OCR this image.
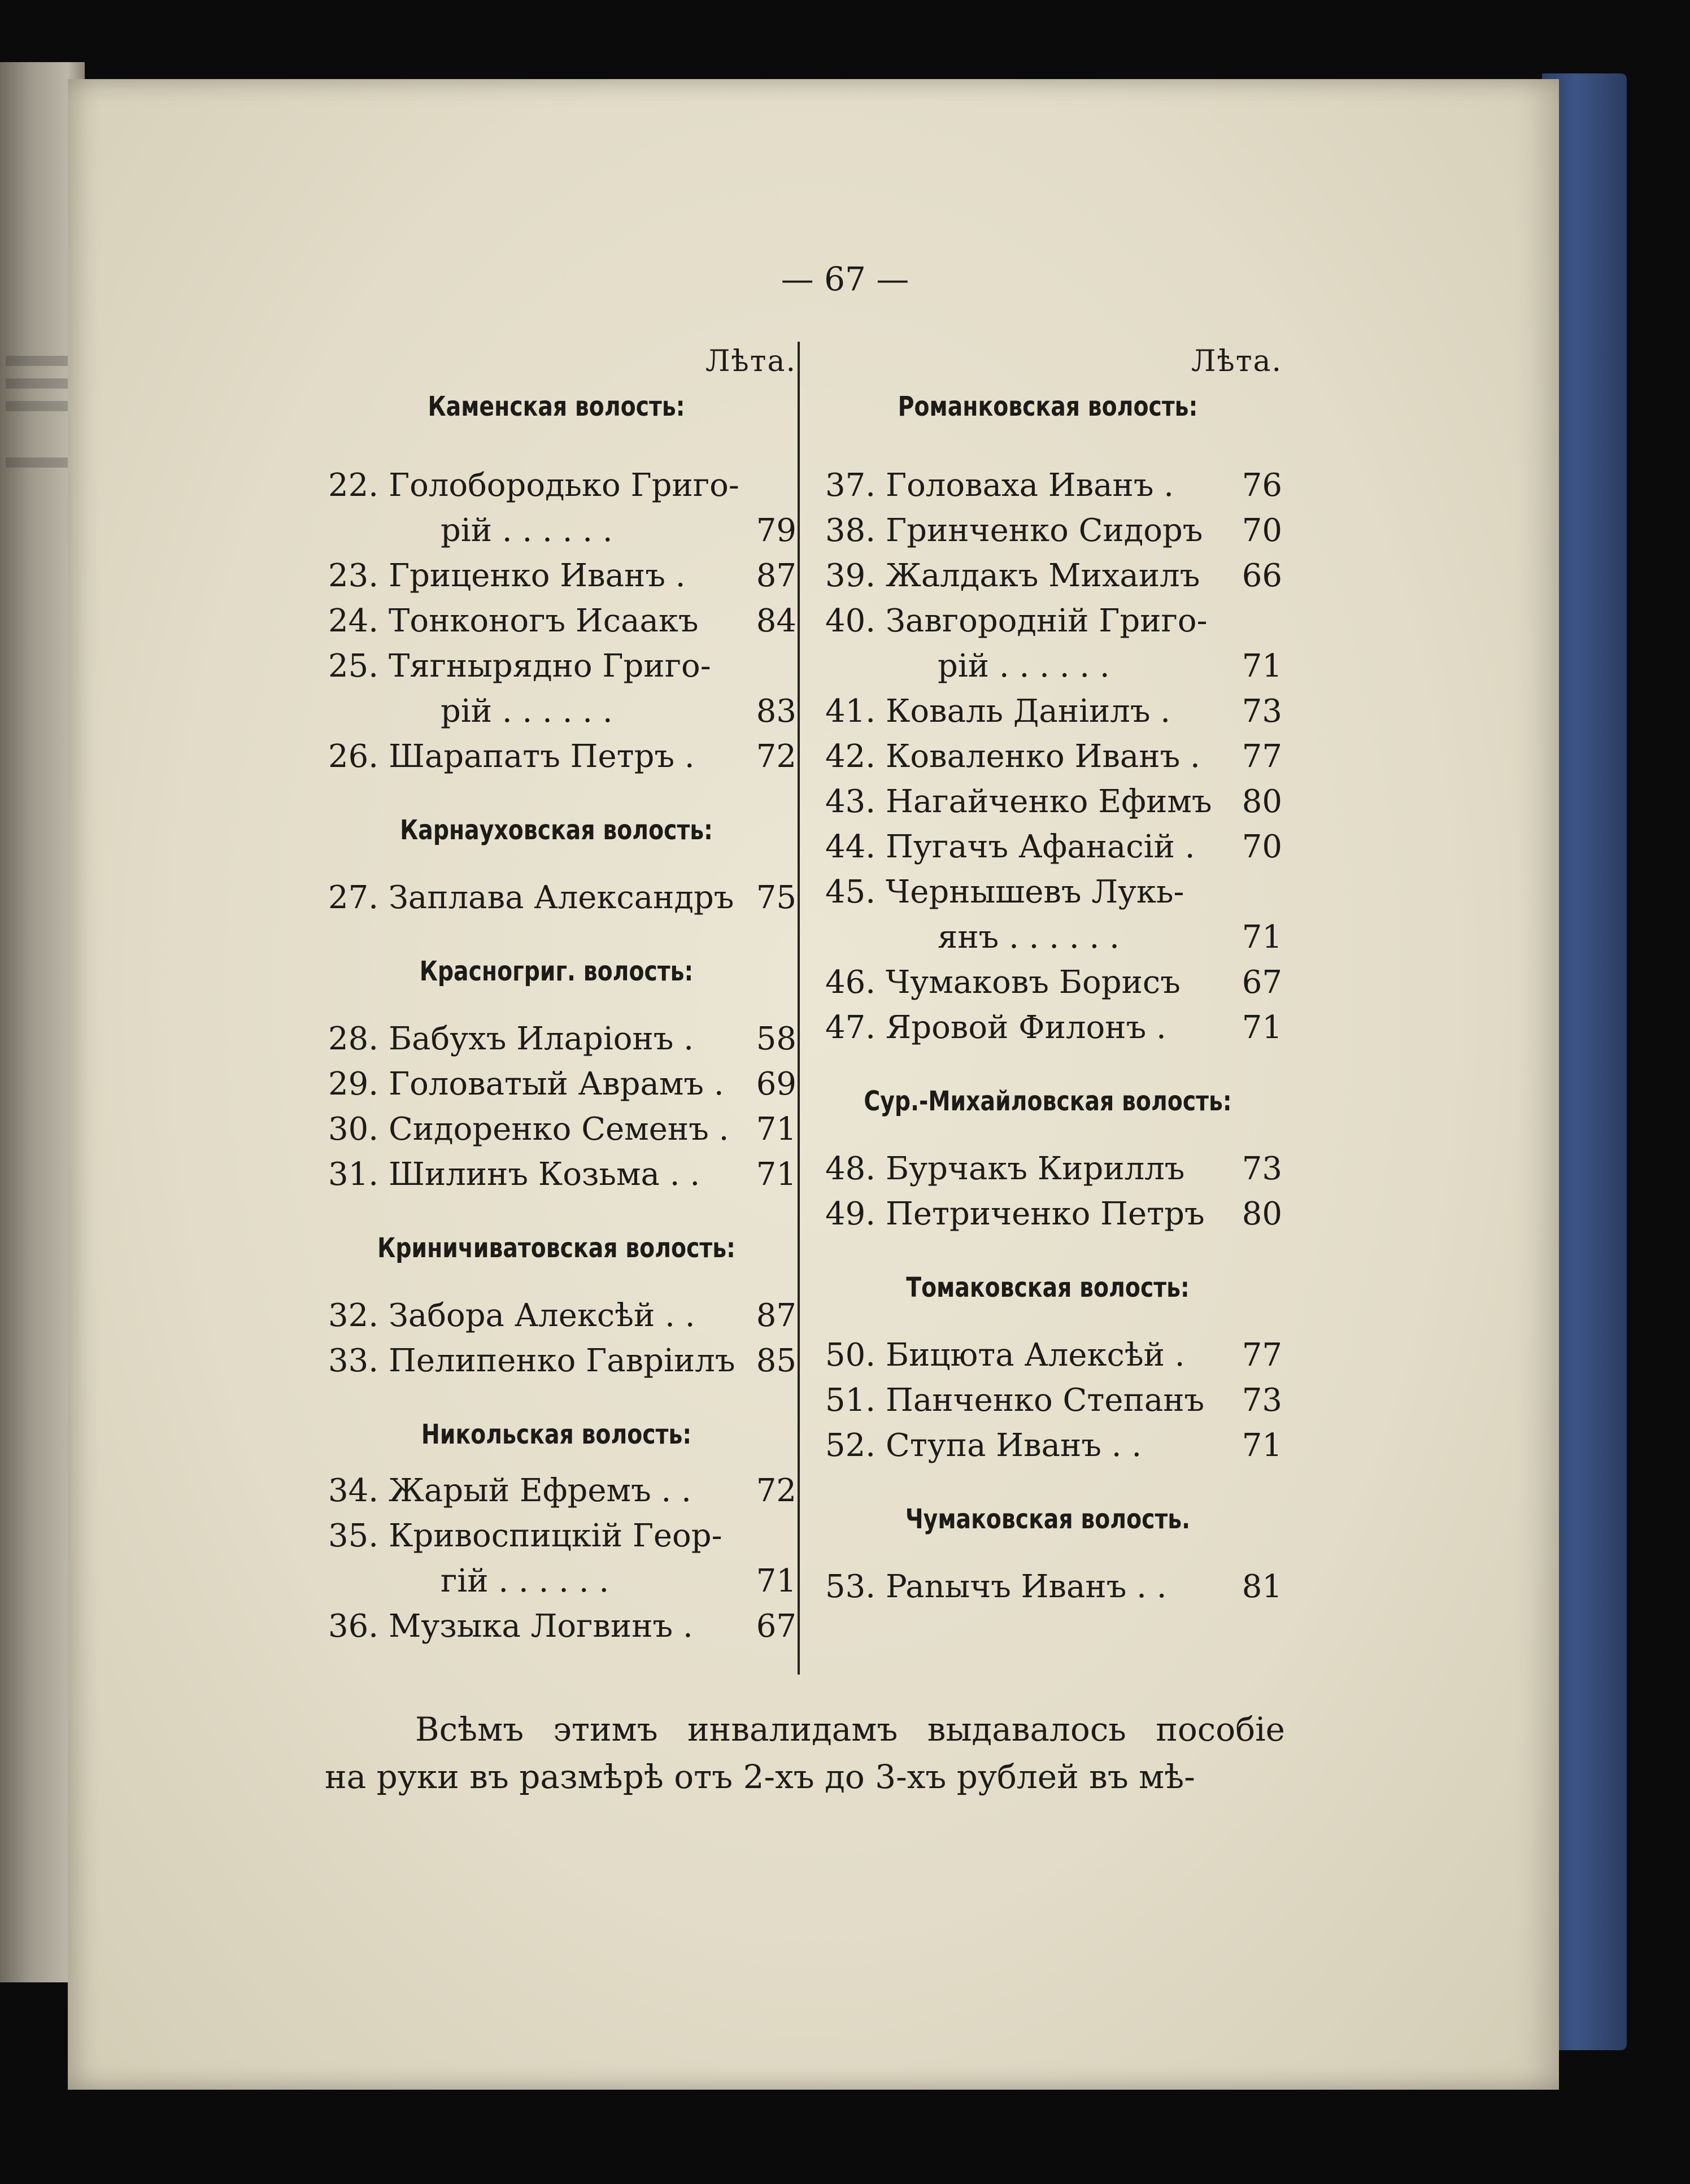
— 67 —
Лѣта.
Каменская волость:
22. Голобородько Григо-
рій . . . . . .	79
23. Гриценко Иванъ . 87
24. Тонконогъ Исаакъ 84
25. Тягнырядно Григо-
рій . . . . . .	83
26. Шарапатъ Петръ . 72
Карнауховская волость:
27. Заплава Александръ 75
Красногриг. волость:
28. Бабухъ Иларіонъ . 58
29. Головатый Аврамъ . 69
30. Сидоренко Семенъ . 71
31. Шилинъ Козьма . . 71
Криничиватовская волость:
32. Забора Алексѣй . . 87
33. Пелипенко Гавріилъ 85
Никольская волость:
34. Жарый Ефремъ . . 72
35. Кривоспицкій Геор-
гій . . . . . .	71
36. Музыка Логвинъ . 67
Лѣта.
Романковская волость:
37. Головаха Иванъ . 76
38. Гринченко Сидоръ 70
39. Жалдакъ Михаилъ 66
40. Завгородній Григо-
рій . . . . . .	71
41. Коваль Даніилъ . 73
42. Коваленко Иванъ . 77
43. Нагайченко Ефимъ 80
44. Пугачъ Афанасій . 70
45. Чернышевъ Лукь-
янъ . . . . . .	71
46. Чумаковъ Борисъ 67
47. Яровой Филонъ . 71
Сур.-Михайловская волость:
48. Бурчакъ Кириллъ 73
49. Петриченко Петръ 80
Томаковская волость:
50. Бицюта Алексѣй . 77
51. Панченко Степанъ 73
52. Ступа Иванъ . .	71
Чумаковская волость.
53. Panычъ Иванъ . . 81
Всѣмъ этимъ инвалидамъ выдавалось пособіе
на руки въ размѣрѣ отъ 2-хъ до 3-хъ рублей въ мѣ-
